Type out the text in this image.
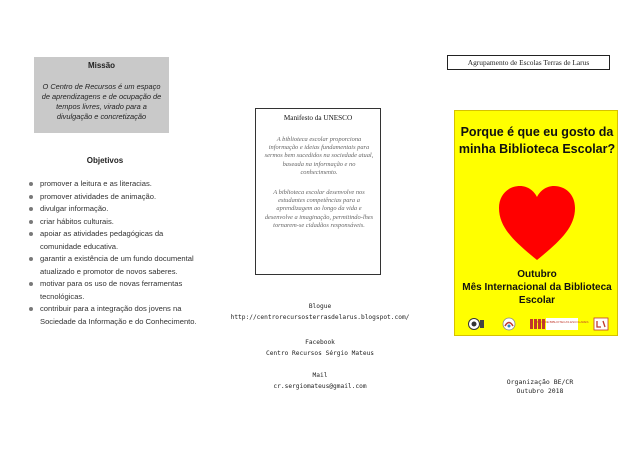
Missão
O Centro de Recursos é um espaço de aprendizagens e de ocupação de tempos livres, virado para a divulgação e concretização
Objetivos
promover a leitura e as literacias.
promover atividades de animação.
divulgar informação.
criar hábitos culturais.
apoiar as atividades pedagógicas da comunidade educativa.
garantir a existência de um fundo documental atualizado e promotor de novos saberes.
motivar para os uso de novas ferramentas tecnológicas.
contribuir para a integração dos jovens na Sociedade da Informação e do Conhecimento.
Manifesto da UNESCO
A biblioteca escolar proporciona informação e ideias fundamentais para sermos bem sucedidos na sociedade atual, baseada na informação e no conhecimento.
A biblioteca escolar desenvolve nos estudantes competências para a aprendizagem ao longo da vida e desenvolve a imaginação, permitindo-lhes tornarem-se cidadãos responsáveis.
Blogue
http://centrorecursosterrasdelarus.blogspot.com/
Facebook
Centro Recursos Sérgio Mateus
Mail
cr.sergiomateus@gmail.com
Agrupamento de Escolas Terras de Larus
Porque é que eu gosto da minha Biblioteca Escolar?
Outubro
Mês Internacional da Biblioteca Escolar
REDE DE BIBLIOTECAS ESCOLARES
Organização BE/CR
Outubro 2018
